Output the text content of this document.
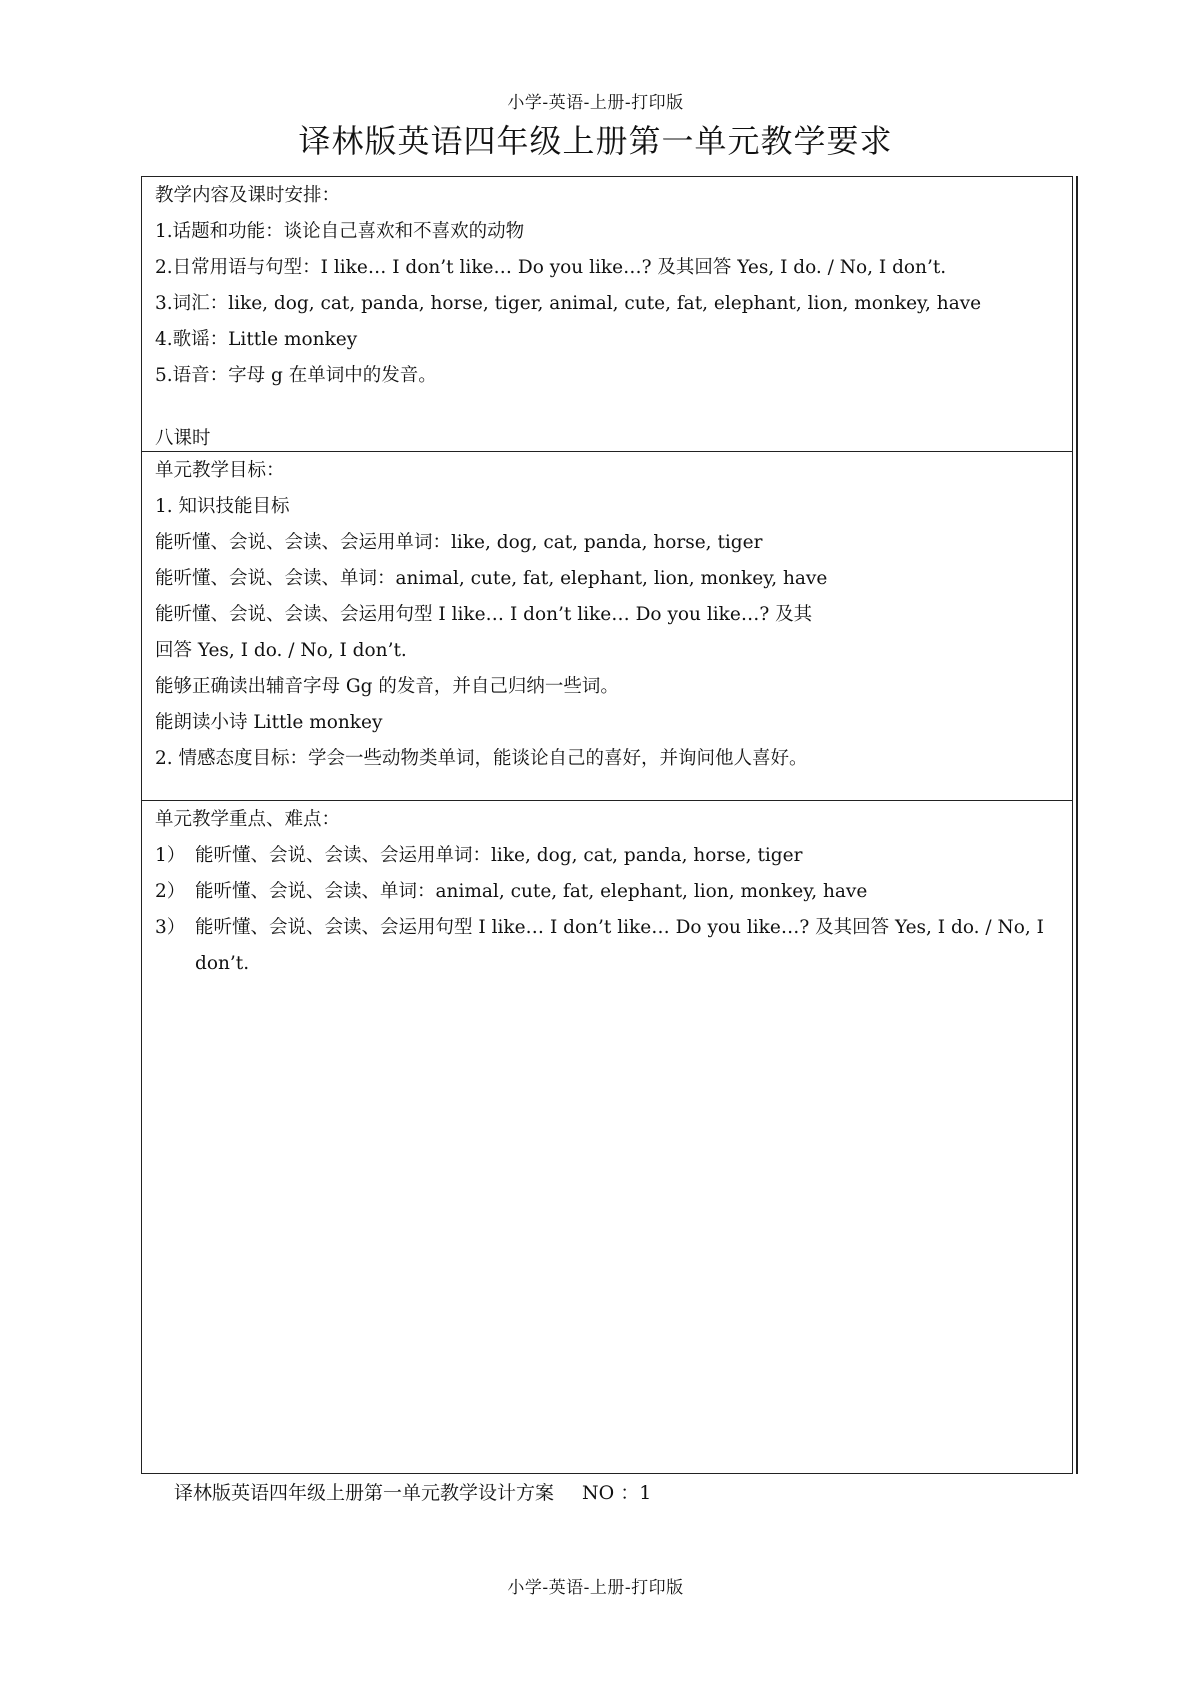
小学-英语-上册-打印版
译林版英语四年级上册第一单元教学要求
教学内容及课时安排：
1.话题和功能：谈论自己喜欢和不喜欢的动物
2.日常用语与句型：I like… I don’t like… Do you like…? 及其回答 Yes, I do. / No, I don’t.
3.词汇：like, dog, cat, panda, horse, tiger, animal, cute, fat, elephant, lion, monkey, have
4.歌谣：Little monkey
5.语音：字母 g 在单词中的发音。
八课时
单元教学目标：
1. 知识技能目标
能听懂、会说、会读、会运用单词：like, dog, cat, panda, horse, tiger
能听懂、会说、会读、单词：animal, cute, fat, elephant, lion, monkey, have
能听懂、会说、会读、会运用句型 I like… I don’t like… Do you like…? 及其
回答 Yes, I do. / No, I don’t.
能够正确读出辅音字母 Gg 的发音，并自己归纳一些词。
能朗读小诗 Little monkey
2. 情感态度目标：学会一些动物类单词，能谈论自己的喜好，并询问他人喜好。
单元教学重点、难点：
1） 能听懂、会说、会读、会运用单词：like, dog, cat, panda, horse, tiger
2） 能听懂、会说、会读、单词：animal, cute, fat, elephant, lion, monkey, have
3） 能听懂、会说、会读、会运用句型 I like… I don’t like… Do you like…? 及其回答 Yes, I do. / No, I don’t.
译林版英语四年级上册第一单元教学设计方案 NO ：1
小学-英语-上册-打印版
